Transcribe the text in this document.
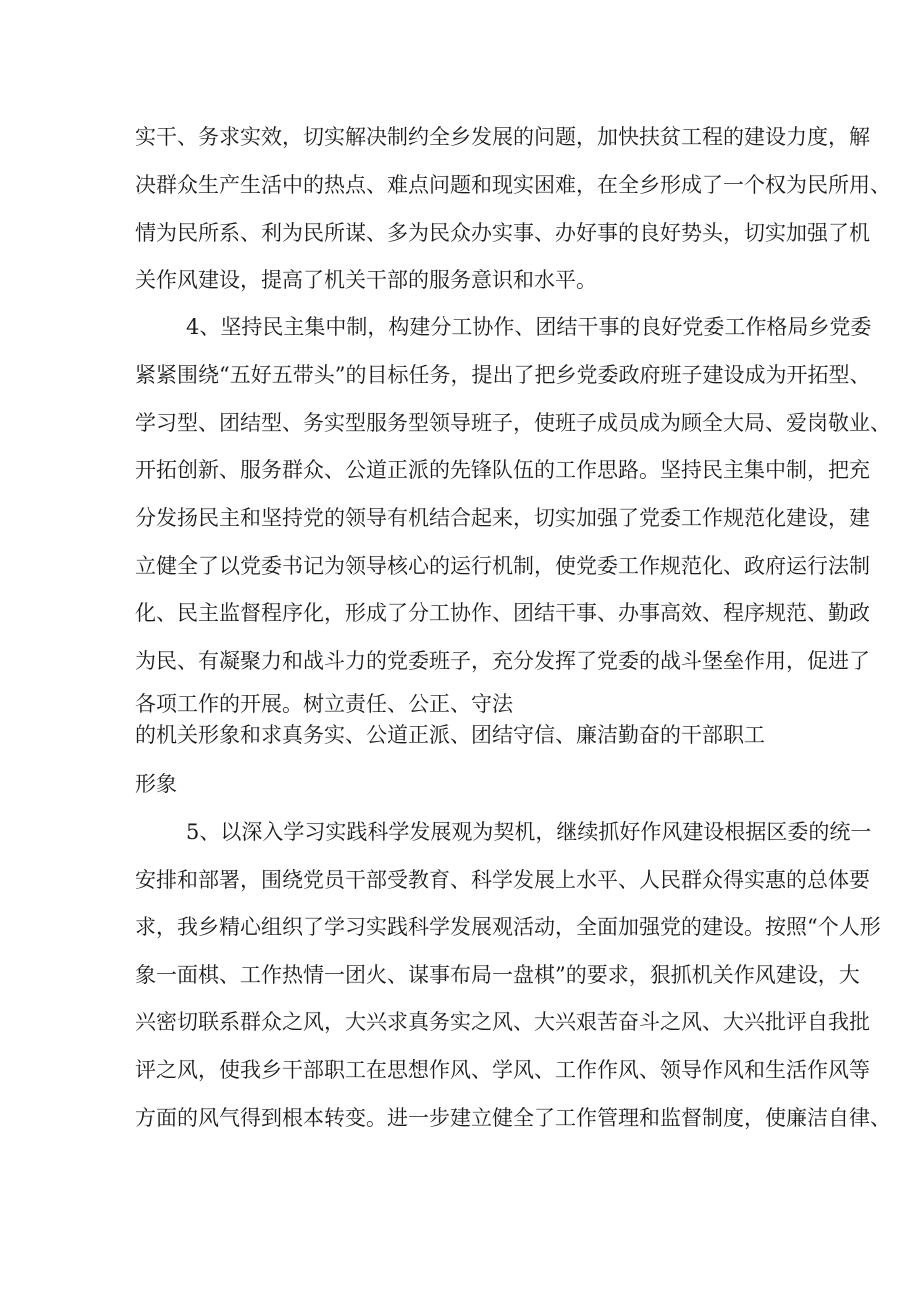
实干、务求实效，切实解决制约全乡发展的问题，加快扶贫工程的建设力度，解
决群众生产生活中的热点、难点问题和现实困难，在全乡形成了一个权为民所用、
情为民所系、利为民所谋、多为民众办实事、办好事的良好势头，切实加强了机
关作风建设，提高了机关干部的服务意识和水平。
4、坚持民主集中制，构建分工协作、团结干事的良好党委工作格局乡党委
紧紧围绕“五好五带头”的目标任务，提出了把乡党委政府班子建设成为开拓型、
学习型、团结型、务实型服务型领导班子，使班子成员成为顾全大局、爱岗敬业、
开拓创新、服务群众、公道正派的先锋队伍的工作思路。坚持民主集中制，把充
分发扬民主和坚持党的领导有机结合起来，切实加强了党委工作规范化建设，建
立健全了以党委书记为领导核心的运行机制，使党委工作规范化、政府运行法制
化、民主监督程序化，形成了分工协作、团结干事、办事高效、程序规范、勤政
为民、有凝聚力和战斗力的党委班子，充分发挥了党委的战斗堡垒作用，促进了
各项工作的开展。树立责任、公正、守法
的机关形象和求真务实、公道正派、团结守信、廉洁勤奋的干部职工
形象
5、以深入学习实践科学发展观为契机，继续抓好作风建设根据区委的统一
安排和部署，围绕党员干部受教育、科学发展上水平、人民群众得实惠的总体要
求，我乡精心组织了学习实践科学发展观活动，全面加强党的建设。按照“个人形
象一面棋、工作热情一团火、谋事布局一盘棋”的要求，狠抓机关作风建设，大
兴密切联系群众之风，大兴求真务实之风、大兴艰苦奋斗之风、大兴批评自我批
评之风，使我乡干部职工在思想作风、学风、工作作风、领导作风和生活作风等
方面的风气得到根本转变。进一步建立健全了工作管理和监督制度，使廉洁自律、
